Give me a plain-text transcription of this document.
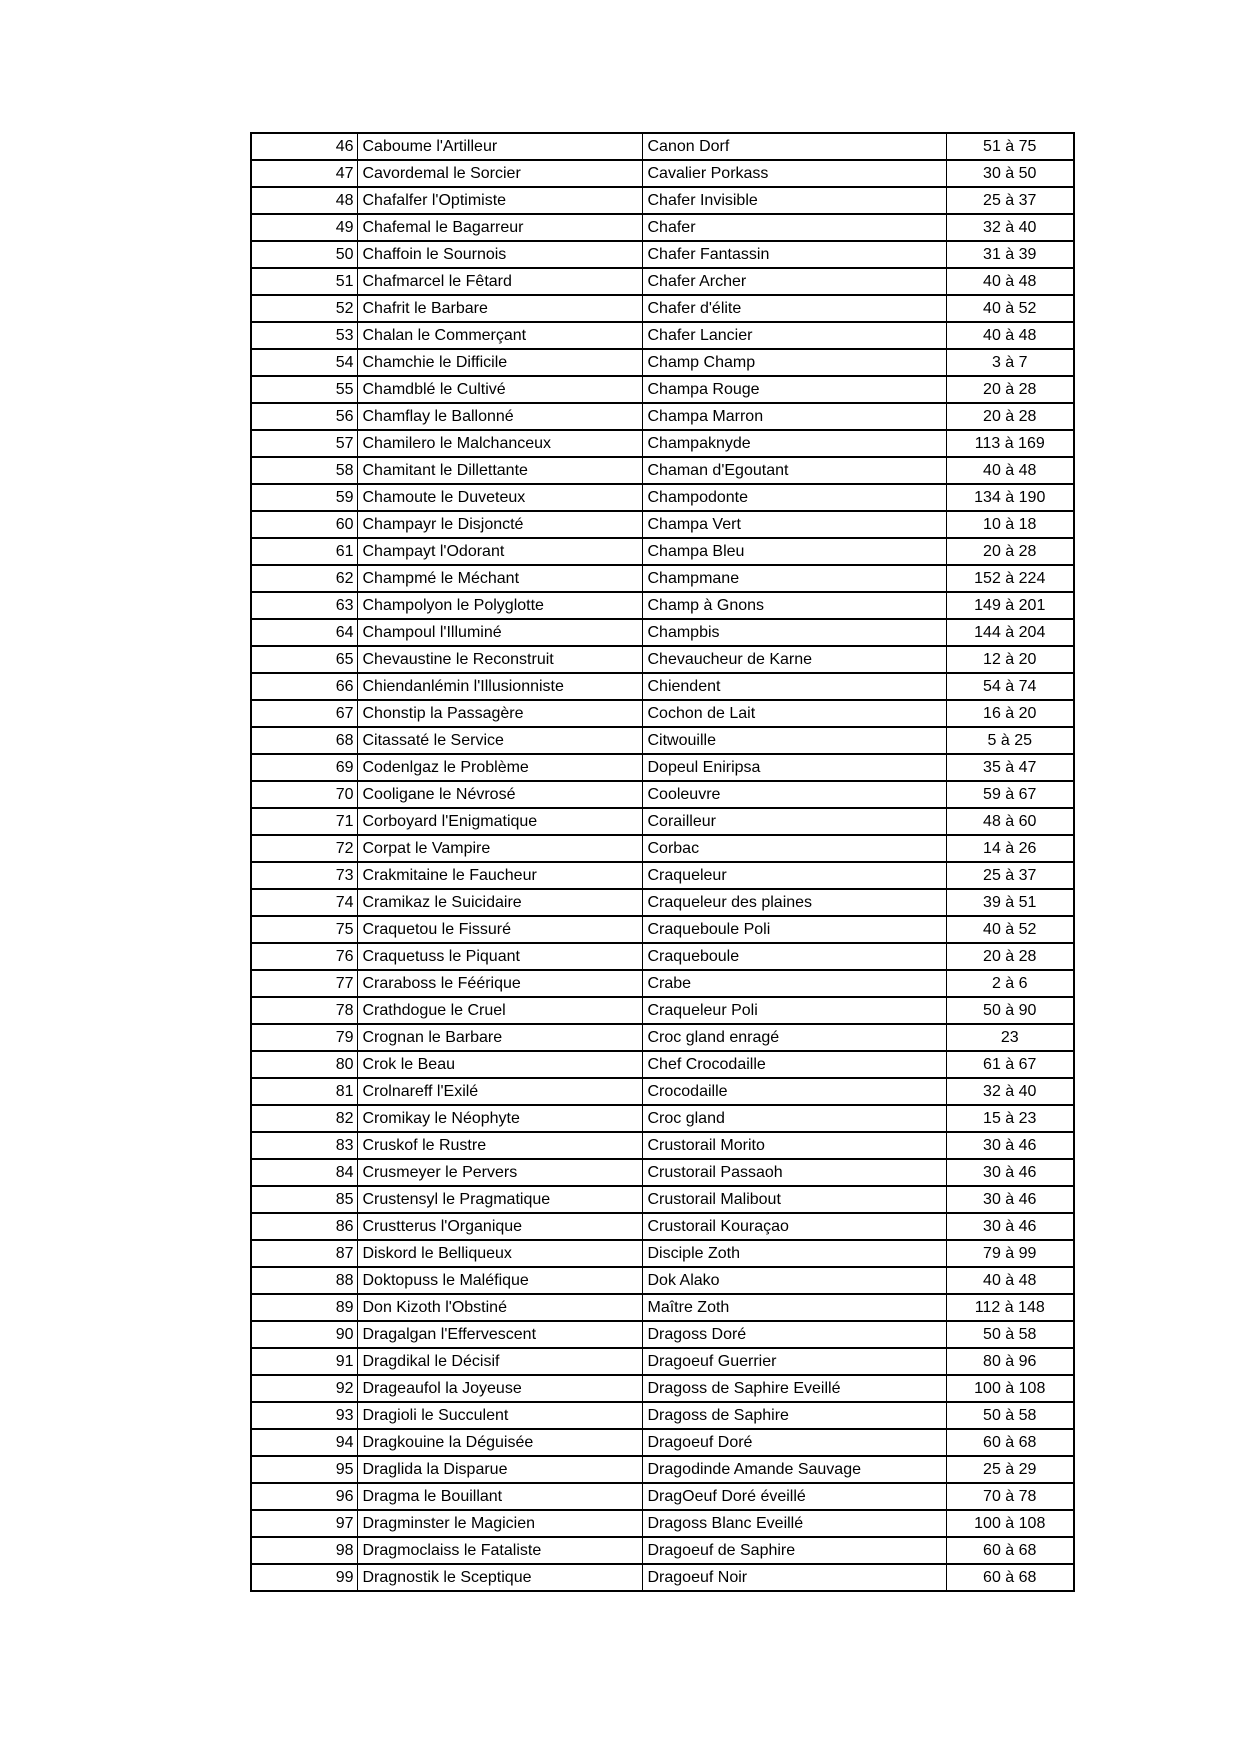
46	Caboume l'Artilleur	Canon Dorf	51 à 75
47	Cavordemal le Sorcier	Cavalier Porkass	30 à 50
48	Chafalfer l'Optimiste	Chafer Invisible	25 à 37
49	Chafemal le Bagarreur	Chafer	32 à 40
50	Chaffoin le Sournois	Chafer Fantassin	31 à 39
51	Chafmarcel le Fêtard	Chafer Archer	40 à 48
52	Chafrit le Barbare	Chafer d'élite	40 à 52
53	Chalan le Commerçant	Chafer Lancier	40 à 48
54	Chamchie le Difficile	Champ Champ	3 à 7
55	Chamdblé le Cultivé	Champa Rouge	20 à 28
56	Chamflay le Ballonné	Champa Marron	20 à 28
57	Chamilero le Malchanceux	Champaknyde	113 à 169
58	Chamitant le Dillettante	Chaman d'Egoutant	40 à 48
59	Chamoute le Duveteux	Champodonte	134 à 190
60	Champayr le Disjoncté	Champa Vert	10 à 18
61	Champayt l'Odorant	Champa Bleu	20 à 28
62	Champmé le Méchant	Champmane	152 à 224
63	Champolyon le Polyglotte	Champ à Gnons	149 à 201
64	Champoul l'Illuminé	Champbis	144 à 204
65	Chevaustine le Reconstruit	Chevaucheur de Karne	12 à 20
66	Chiendanlémin l'Illusionniste	Chiendent	54 à 74
67	Chonstip la Passagère	Cochon de Lait	16 à 20
68	Citassaté le Service	Citwouille	5 à 25
69	Codenlgaz le Problème	Dopeul Eniripsa	35 à 47
70	Cooligane le Névrosé	Cooleuvre	59 à 67
71	Corboyard l'Enigmatique	Corailleur	48 à 60
72	Corpat le Vampire	Corbac	14 à 26
73	Crakmitaine le Faucheur	Craqueleur	25 à 37
74	Cramikaz le Suicidaire	Craqueleur des plaines	39 à 51
75	Craquetou le Fissuré	Craqueboule Poli	40 à 52
76	Craquetuss le Piquant	Craqueboule	20 à 28
77	Craraboss le Féérique	Crabe	2 à 6
78	Crathdogue le Cruel	Craqueleur Poli	50 à 90
79	Crognan le Barbare	Croc gland enragé	23
80	Crok le Beau	Chef Crocodaille	61 à 67
81	Crolnareff l'Exilé	Crocodaille	32 à 40
82	Cromikay le Néophyte	Croc gland	15 à 23
83	Cruskof le Rustre	Crustorail Morito	30 à 46
84	Crusmeyer le Pervers	Crustorail Passaoh	30 à 46
85	Crustensyl le Pragmatique	Crustorail Malibout	30 à 46
86	Crustterus l'Organique	Crustorail Kouraçao	30 à 46
87	Diskord le Belliqueux	Disciple Zoth	79 à 99
88	Doktopuss le Maléfique	Dok Alako	40 à 48
89	Don Kizoth l'Obstiné	Maître Zoth	112 à 148
90	Dragalgan l'Effervescent	Dragoss Doré	50 à 58
91	Dragdikal le Décisif	Dragoeuf Guerrier	80 à 96
92	Drageaufol la Joyeuse	Dragoss de Saphire Eveillé	100 à 108
93	Dragioli le Succulent	Dragoss de Saphire	50 à 58
94	Dragkouine la Déguisée	Dragoeuf Doré	60 à 68
95	Draglida la Disparue	Dragodinde Amande Sauvage	25 à 29
96	Dragma le Bouillant	DragOeuf Doré éveillé	70 à 78
97	Dragminster le Magicien	Dragoss Blanc Eveillé	100 à 108
98	Dragmoclaiss le Fataliste	Dragoeuf de Saphire	60 à 68
99	Dragnostik le Sceptique	Dragoeuf Noir	60 à 68
